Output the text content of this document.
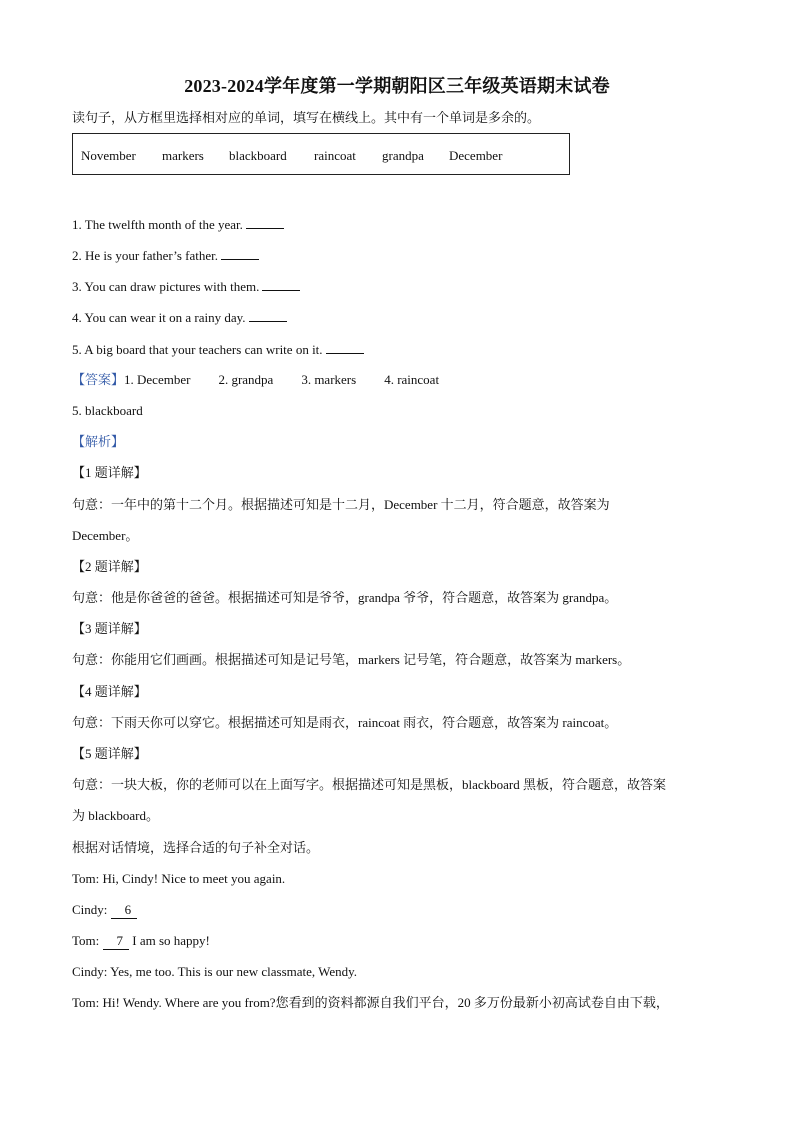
2023-2024学年度第一学期朝阳区三年级英语期末试卷
读句子，从方框里选择相对应的单词，填写在横线上。其中有一个单词是多余的。
November markers blackboard raincoat grandpa December
1. The twelfth month of the year.
2. He is your father’s father.
3. You can draw pictures with them.
4. You can wear it on a rainy day.
5. A big board that your teachers can write on it.
【答案】1. December 2. grandpa 3. markers 4. raincoat
5. blackboard
【解析】
【1 题详解】
句意：一年中的第十二个月。根据描述可知是十二月，December 十二月，符合题意，故答案为
December。
【2 题详解】
句意：他是你爸爸的爸爸。根据描述可知是爷爷，grandpa 爷爷，符合题意，故答案为 grandpa。
【3 题详解】
句意：你能用它们画画。根据描述可知是记号笔，markers 记号笔，符合题意，故答案为 markers。
【4 题详解】
句意：下雨天你可以穿它。根据描述可知是雨衣，raincoat 雨衣，符合题意，故答案为 raincoat。
【5 题详解】
句意：一块大板，你的老师可以在上面写字。根据描述可知是黑板，blackboard 黑板，符合题意，故答案
为 blackboard。
根据对话情境，选择合适的句子补全对话。
Tom: Hi, Cindy! Nice to meet you again.
Cindy: 6
Tom: 7 I am so happy!
Cindy: Yes, me too. This is our new classmate, Wendy.
Tom: Hi! Wendy. Where are you from?您看到的资料都源自我们平台，20 多万份最新小初高试卷自由下载，
